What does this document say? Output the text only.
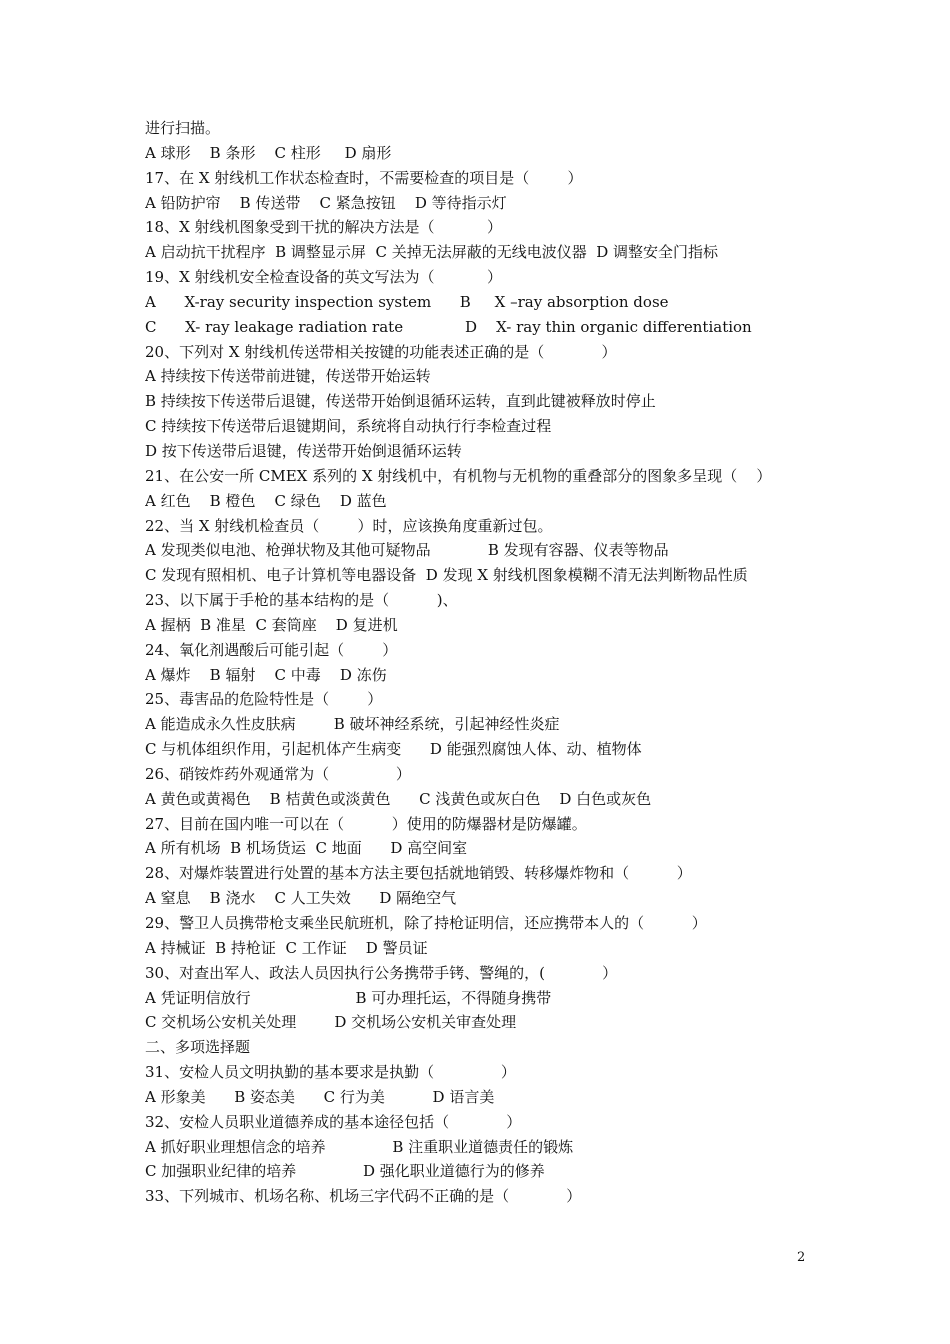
进行扫描。
A 球形    B 条形    C 柱形     D 扇形
17、在 X 射线机工作状态检查时，不需要检查的项目是（        ）
A 铅防护帘    B 传送带    C 紧急按钮    D 等待指示灯
18、X 射线机图象受到干扰的解决方法是（           ）
A 启动抗干扰程序  B 调整显示屏  C 关掉无法屏蔽的无线电波仪器  D 调整安全门指标
19、X 射线机安全检查设备的英文写法为（           ）
A      X-ray security inspection system      B     X –ray absorption dose
C      X- ray leakage radiation rate             D    X- ray thin organic differentiation
20、下列对 X 射线机传送带相关按键的功能表述正确的是（            ）
A 持续按下传送带前进键，传送带开始运转
B 持续按下传送带后退键，传送带开始倒退循环运转，直到此键被释放时停止
C 持续按下传送带后退键期间，系统将自动执行行李检查过程
D 按下传送带后退键，传送带开始倒退循环运转
21、在公安一所 CMEX 系列的 X 射线机中，有机物与无机物的重叠部分的图象多呈现（    ）
A 红色    B 橙色    C 绿色    D 蓝色
22、当 X 射线机检查员（        ）时，应该换角度重新过包。
A 发现类似电池、枪弹状物及其他可疑物品            B 发现有容器、仪表等物品
C 发现有照相机、电子计算机等电器设备  D 发现 X 射线机图象模糊不清无法判断物品性质
23、以下属于手枪的基本结构的是（          )、
A 握柄  B 准星  C 套筒座    D 复进机
24、氧化剂遇酸后可能引起（        ）
A 爆炸    B 辐射    C 中毒    D 冻伤
25、毒害品的危险特性是（        ）
A 能造成永久性皮肤病        B 破坏神经系统，引起神经性炎症
C 与机体组织作用，引起机体产生病变      D 能强烈腐蚀人体、动、植物体
26、硝铵炸药外观通常为（              ）
A 黄色或黄褐色    B 桔黄色或淡黄色      C 浅黄色或灰白色    D 白色或灰色
27、目前在国内唯一可以在（          ）使用的防爆器材是防爆罐。
A 所有机场  B 机场货运  C 地面      D 高空间室
28、对爆炸装置进行处置的基本方法主要包括就地销毁、转移爆炸物和（          ）
A 窒息    B 浇水    C 人工失效      D 隔绝空气
29、警卫人员携带枪支乘坐民航班机，除了持枪证明信，还应携带本人的（          ）
A 持械证  B 持枪证  C 工作证    D 警员证
30、对查出军人、政法人员因执行公务携带手铐、警绳的，(            ）
A 凭证明信放行                      B 可办理托运，不得随身携带
C 交机场公安机关处理        D 交机场公安机关审查处理
二、多项选择题
31、安检人员文明执勤的基本要求是执勤（              ）
A 形象美      B 姿态美      C 行为美          D 语言美
32、安检人员职业道德养成的基本途径包括（            ）
A 抓好职业理想信念的培养              B 注重职业道德责任的锻炼
C 加强职业纪律的培养              D 强化职业道德行为的修养
33、下列城市、机场名称、机场三字代码不正确的是（            ）
2
